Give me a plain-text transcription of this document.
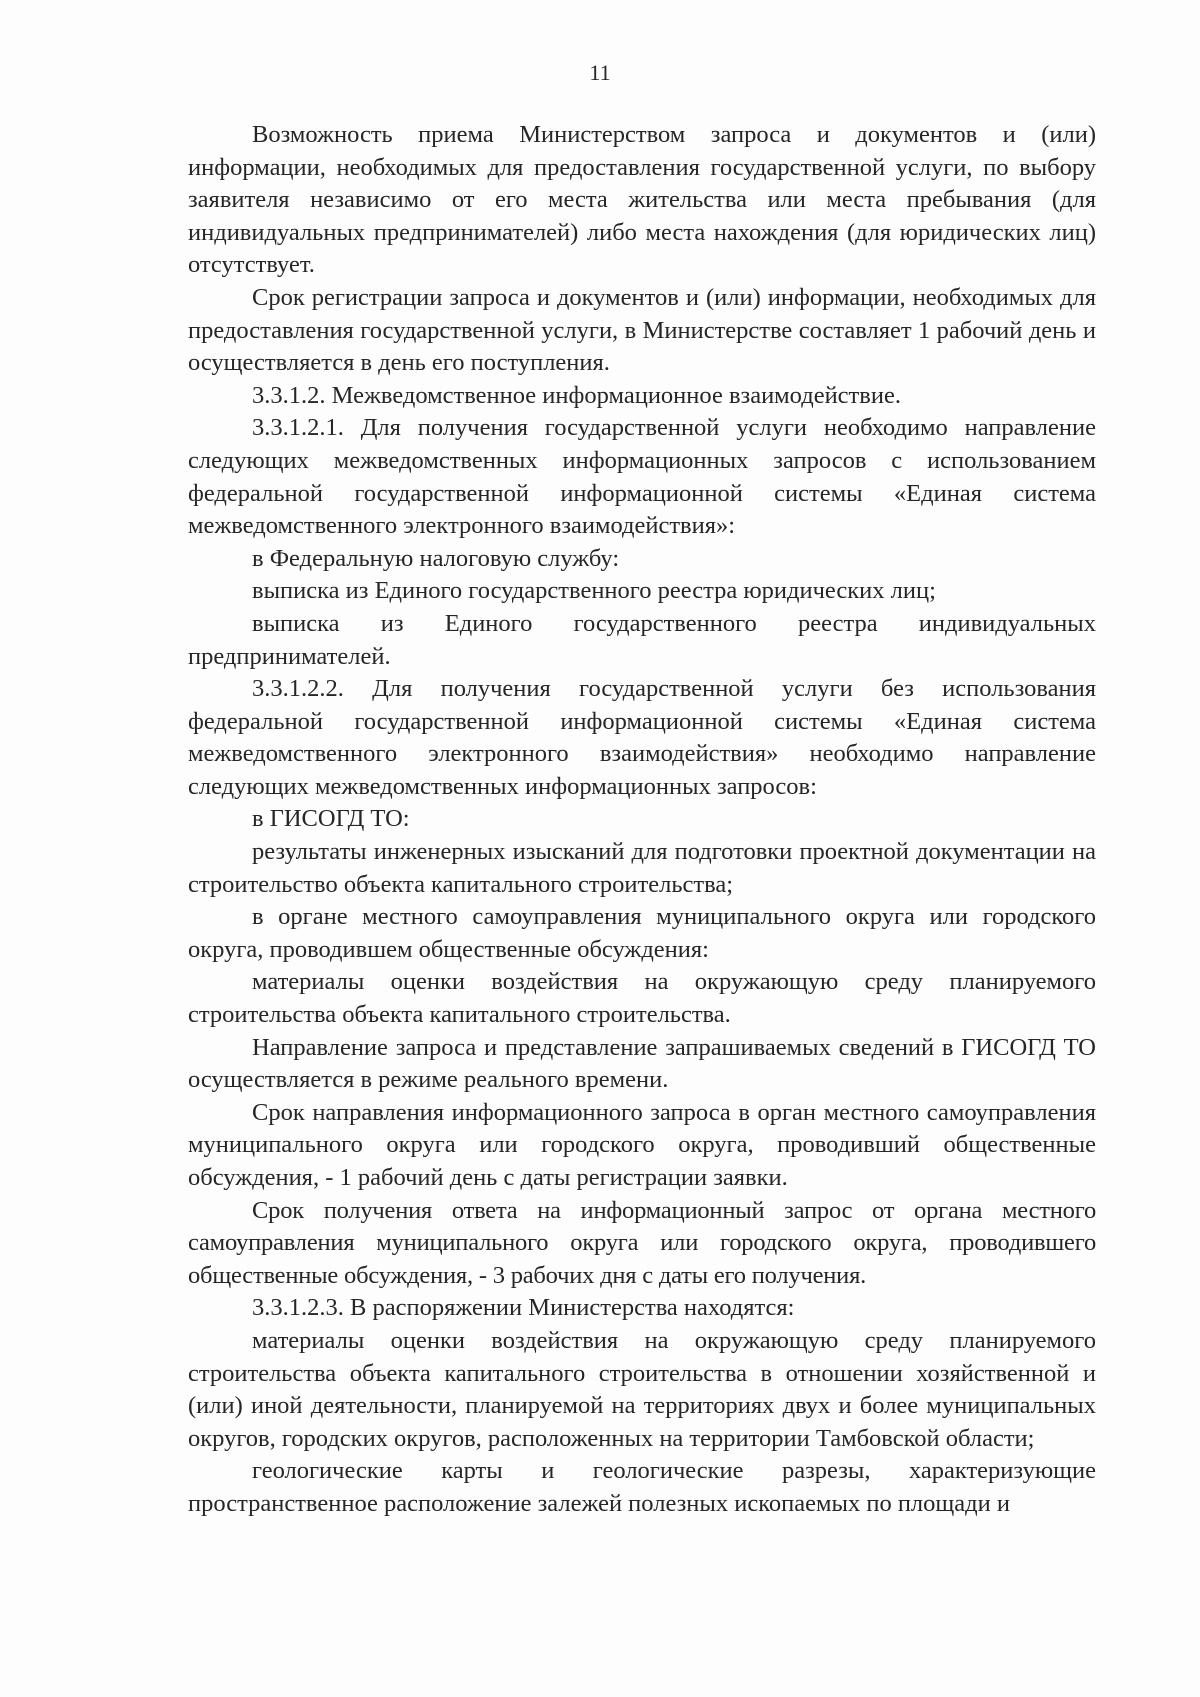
11

Возможность приема Министерством запроса и документов и (или) информации, необходимых для предоставления государственной услуги, по выбору заявителя независимо от его места жительства или места пребывания (для индивидуальных предпринимателей) либо места нахождения (для юридических лиц) отсутствует.

Срок регистрации запроса и документов и (или) информации, необходимых для предоставления государственной услуги, в Министерстве составляет 1 рабочий день и осуществляется в день его поступления.

3.3.1.2. Межведомственное информационное взаимодействие.

3.3.1.2.1. Для получения государственной услуги необходимо направление следующих межведомственных информационных запросов с использованием федеральной государственной информационной системы «Единая система межведомственного электронного взаимодействия»:

в Федеральную налоговую службу:

выписка из Единого государственного реестра юридических лиц;

выписка из Единого государственного реестра индивидуальных предпринимателей.

3.3.1.2.2. Для получения государственной услуги без использования федеральной государственной информационной системы «Единая система межведомственного электронного взаимодействия» необходимо направление следующих межведомственных информационных запросов:

в ГИСОГД ТО:

результаты инженерных изысканий для подготовки проектной документации на строительство объекта капитального строительства;

в органе местного самоуправления муниципального округа или городского округа, проводившем общественные обсуждения:

материалы оценки воздействия на окружающую среду планируемого строительства объекта капитального строительства.

Направление запроса и представление запрашиваемых сведений в ГИСОГД ТО осуществляется в режиме реального времени.

Срок направления информационного запроса в орган местного самоуправления муниципального округа или городского округа, проводивший общественные обсуждения, - 1 рабочий день с даты регистрации заявки.

Срок получения ответа на информационный запрос от органа местного самоуправления муниципального округа или городского округа, проводившего общественные обсуждения, - 3 рабочих дня с даты его получения.

3.3.1.2.3. В распоряжении Министерства находятся:

материалы оценки воздействия на окружающую среду планируемого строительства объекта капитального строительства в отношении хозяйственной и (или) иной деятельности, планируемой на территориях двух и более муниципальных округов, городских округов, расположенных на территории Тамбовской области;

геологические карты и геологические разрезы, характеризующие пространственное расположение залежей полезных ископаемых по площади и
